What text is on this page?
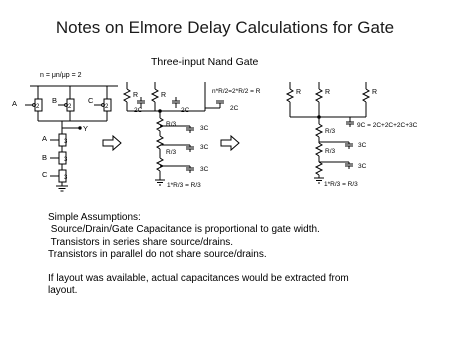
Notes on Elmore Delay Calculations for Gate
Three-input Nand Gate
n = μn/μp = 2
2	2	2
Y
A	B	C
3
A
3
B
3
C
R	R
n*R/2=2*R/2 = R
2C	2C	2C
R/3
3C
R/3
3C
3C
1*R/3 = R/3
R	R	R
9C = 2C+2C+2C+3C
R/3
3C
R/3
3C
1*R/3 = R/3
Simple Assumptions:
Source/Drain/Gate Capacitance is proportional to gate width.
Transistors in series share source/drains.
Transistors in parallel do not share source/drains.
If layout was available, actual capacitances would be extracted from
layout.
